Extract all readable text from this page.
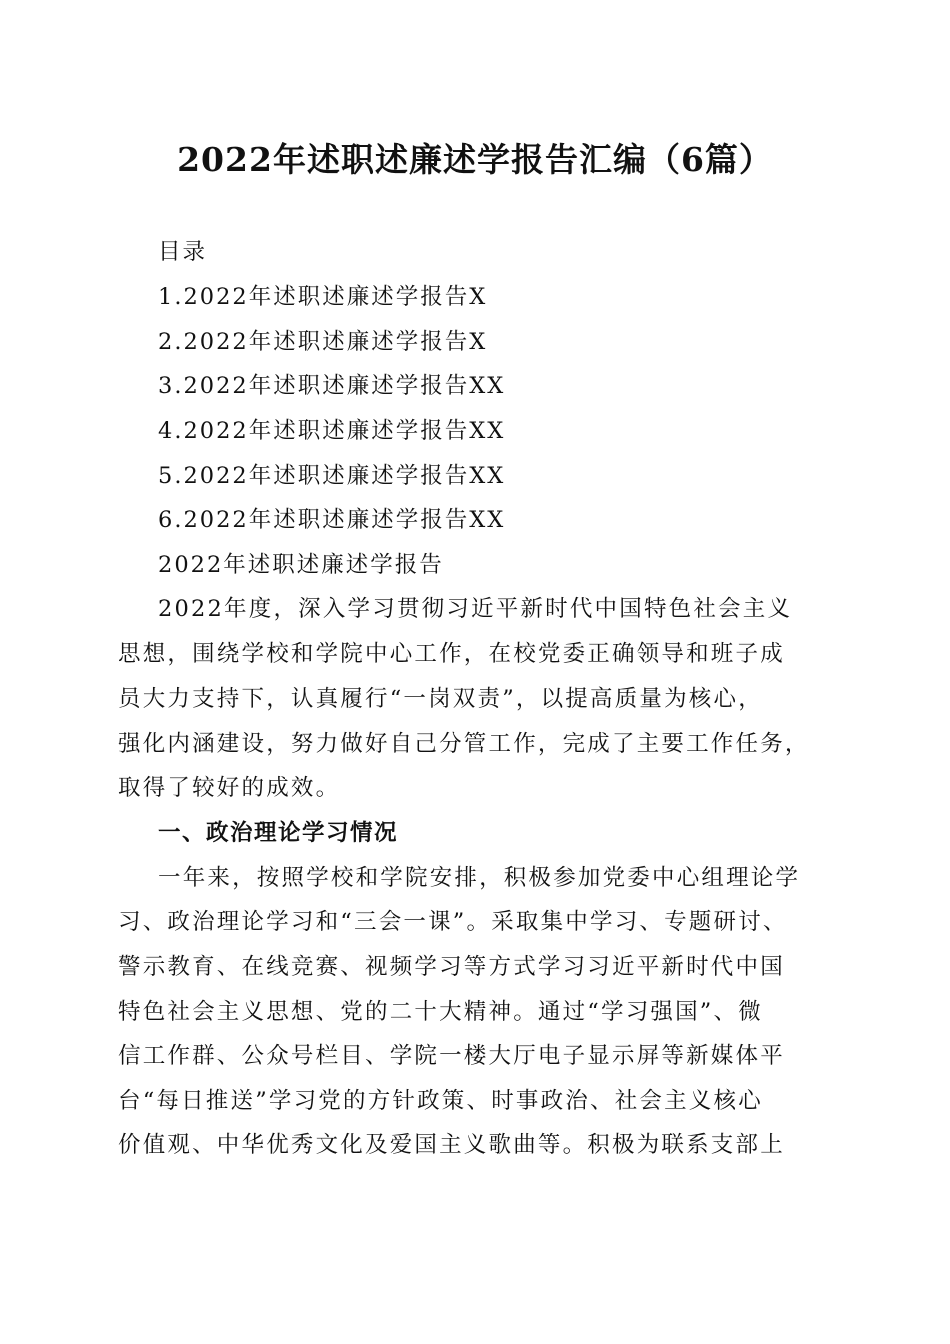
2022年述职述廉述学报告汇编（6篇）
目录
1.2022年述职述廉述学报告X
2.2022年述职述廉述学报告X
3.2022年述职述廉述学报告XX
4.2022年述职述廉述学报告XX
5.2022年述职述廉述学报告XX
6.2022年述职述廉述学报告XX
2022年述职述廉述学报告
2022年度，深入学习贯彻习近平新时代中国特色社会主义
思想，围绕学校和学院中心工作，在校党委正确领导和班子成
员大力支持下，认真履行“一岗双责”，以提高质量为核心，
强化内涵建设，努力做好自己分管工作，完成了主要工作任务，
取得了较好的成效。
一、政治理论学习情况
一年来，按照学校和学院安排，积极参加党委中心组理论学
习、政治理论学习和“三会一课”。采取集中学习、专题研讨、
警示教育、在线竞赛、视频学习等方式学习习近平新时代中国
特色社会主义思想、党的二十大精神。通过“学习强国”、微
信工作群、公众号栏目、学院一楼大厅电子显示屏等新媒体平
台“每日推送”学习党的方针政策、时事政治、社会主义核心
价值观、中华优秀文化及爱国主义歌曲等。积极为联系支部上
